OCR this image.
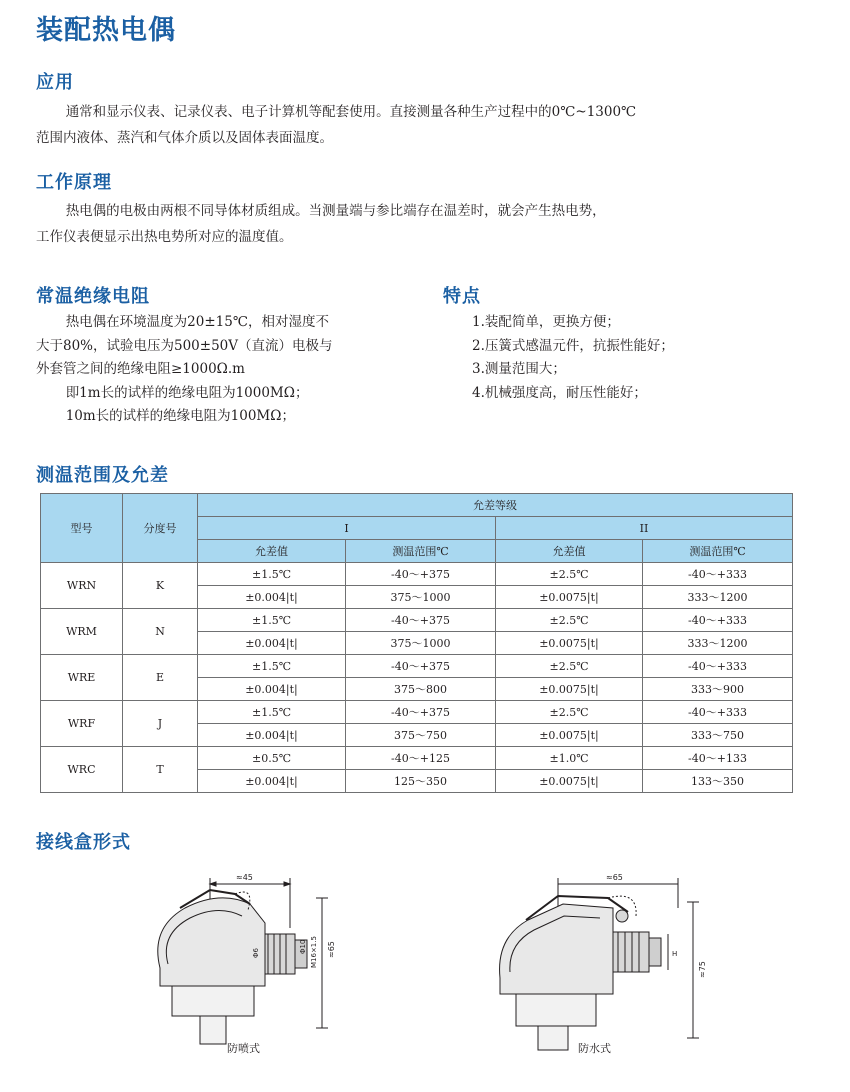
装配热电偶
应用

通常和显示仪表、记录仪表、电子计算机等配套使用。直接测量各种生产过程中的0℃~1300℃

范围内液体、蒸汽和气体介质以及固体表面温度。

工作原理

热电偶的电极由两根不同导体材质组成。当测量端与参比端存在温差时，就会产生热电势，

工作仪表便显示出热电势所对应的温度值。

常温绝缘电阻

热电偶在环境温度为20±15℃，相对湿度不

大于80%，试验电压为500±50V（直流）电极与

外套管之间的绝缘电阻≥1000Ω.m

即1m长的试样的绝缘电阻为1000MΩ；

10m长的试样的绝缘电阻为100MΩ；

特点

1.装配简单，更换方便；

2.压簧式感温元件，抗振性能好；

3.测量范围大；

4.机械强度高，耐压性能好；

测温范围及允差
型号	分度号	允差等级			
		I		II	
		允差值	测温范围℃	允差值	测温范围℃
WRN	K	±1.5℃	-40～+375	±2.5℃	-40～+333
		±0.004|t|	375～1000	±0.0075|t|	333～1200
WRM	N	±1.5℃	-40～+375	±2.5℃	-40～+333
		±0.004|t|	375～1000	±0.0075|t|	333～1200
WRE	E	±1.5℃	-40～+375	±2.5℃	-40～+333
		±0.004|t|	375～800	±0.0075|t|	333～900
WRF	J	±1.5℃	-40～+375	±2.5℃	-40～+333
		±0.004|t|	375～750	±0.0075|t|	333～750
WRC	T	±0.5℃	-40～+125	±1.0℃	-40～+133
		±0.004|t|	125～350	±0.0075|t|	133～350
接线盒形式
≈45
≈65
Φ6	Φ10 M16×1.5
防喷式
≈65
≈75
H
防水式
